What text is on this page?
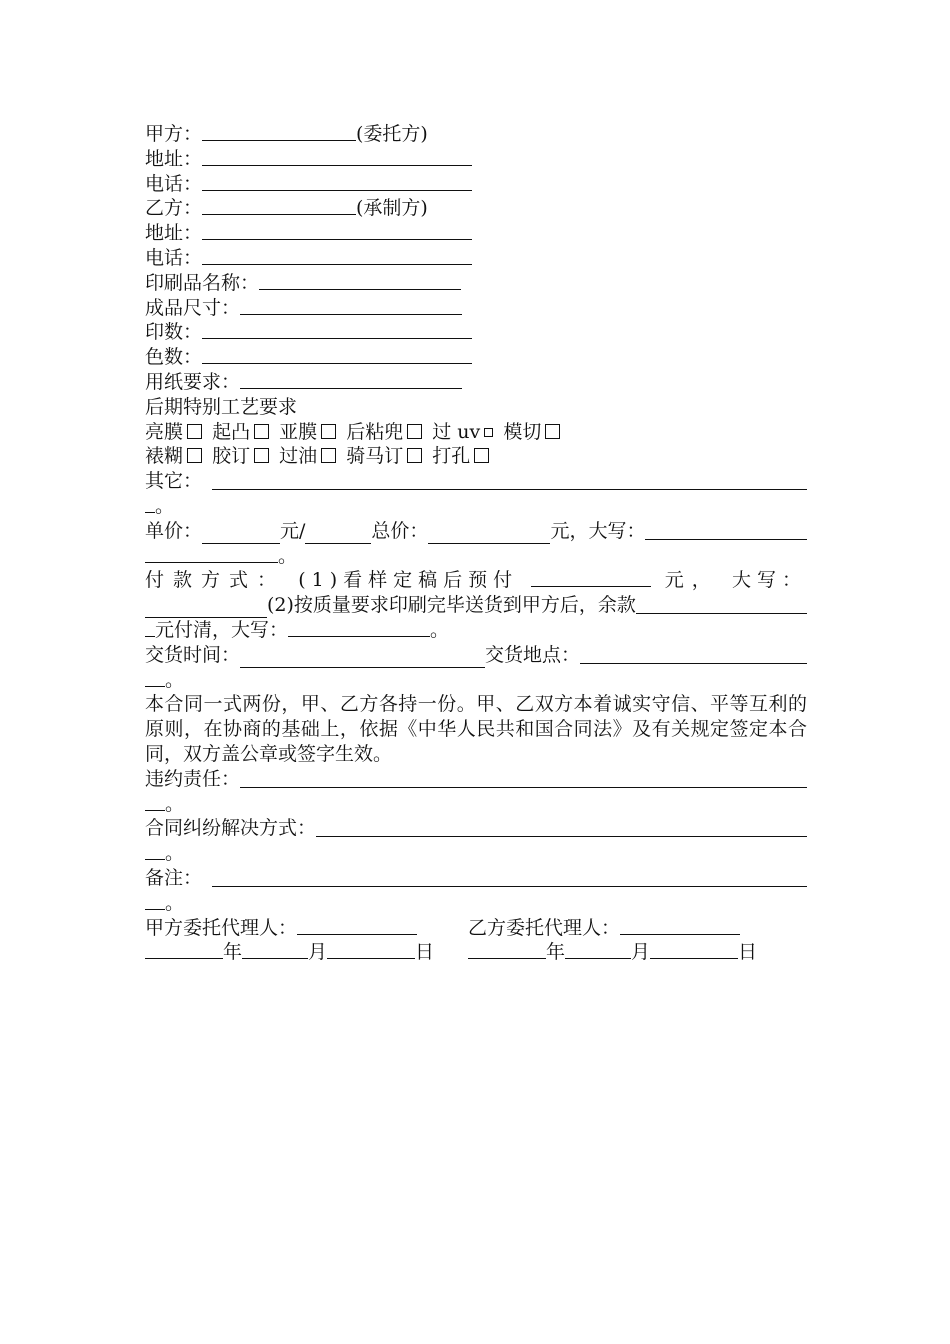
甲方：	(委托方)
地址：
电话：
乙方：	(承制方)
地址：
电话：
印刷品名称：
成品尺寸：
印数：
色数：
用纸要求：
后期特别工艺要求
亮膜 起凸 亚膜 后粘兜 过 uv 模切
裱糊 胶订 过油 骑马订 打孔
其它：
。
单价：	元/	总价：	元，大写：
。
付款方式： (1)看样定稿后预付	元， 大写：
(2)按质量要求印刷完毕送货到甲方后，余款
元付清，大写：	。
交货时间：	交货地点：
。
本合同一式两份，甲、乙方各持一份。甲、乙双方本着诚实守信、平等互利的原则，在协商的基础上，依据《中华人民共和国合同法》及有关规定签定本合同，双方盖公章或签字生效。
违约责任：
。
合同纠纷解决方式：
。
备注：
。
甲方委托代理人：	乙方委托代理人：
年	月	日	年	月	日
